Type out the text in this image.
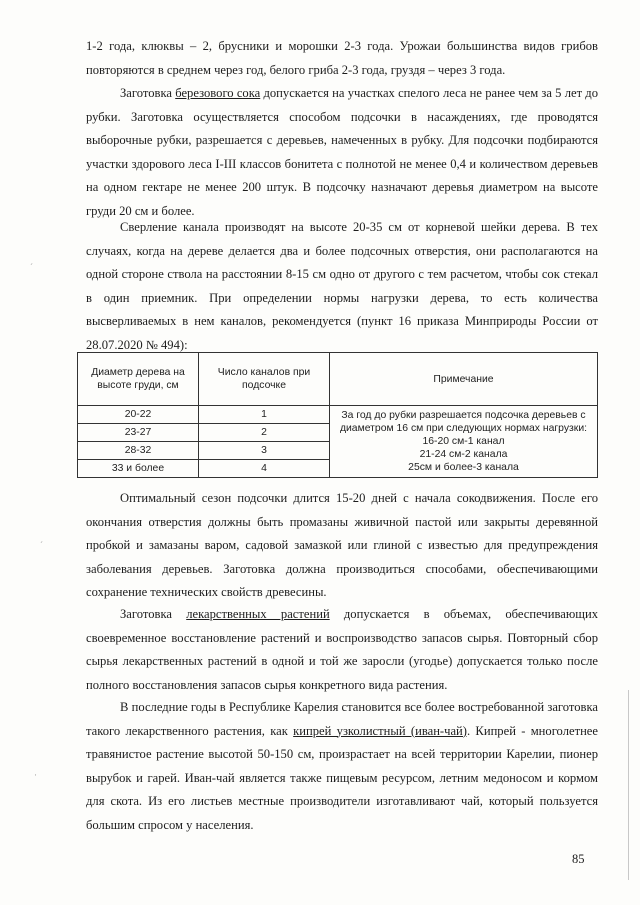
1-2 года, клюквы – 2, брусники и морошки 2-3 года. Урожаи большинства видов грибов повторяются в среднем через год, белого гриба 2-3 года, груздя – через 3 года.

Заготовка березового сока допускается на участках спелого леса не ранее чем за 5 лет до рубки. Заготовка осуществляется способом подсочки в насаждениях, где проводятся выборочные рубки, разрешается с деревьев, намеченных в рубку. Для подсочки подбираются участки здорового леса I-III классов бонитета с полнотой не менее 0,4 и количеством деревьев на одном гектаре не менее 200 штук. В подсочку назначают деревья диаметром на высоте груди 20 см и более.

Сверление канала производят на высоте 20-35 см от корневой шейки дерева. В тех случаях, когда на дереве делается два и более подсочных отверстия, они располагаются на одной стороне ствола на расстоянии 8-15 см одно от другого с тем расчетом, чтобы сок стекал в один приемник. При определении нормы нагрузки дерева, то есть количества высверливаемых в нем каналов, рекомендуется (пункт 16 приказа Минприроды России от 28.07.2020 № 494):

Диаметр дерева на высоте груди, см	Число каналов при подсочке	Примечание
20-22	1	За год до рубки разрешается подсочка деревьев с диаметром 16 см при следующих нормах нагрузки:
16-20 см-1 канал
21-24 см-2 канала
25см и более-3 канала

23-27	2	
28-32	3	
33 и более	4	

Оптимальный сезон подсочки длится 15-20 дней с начала сокодвижения. После его окончания отверстия должны быть промазаны живичной пастой или закрыты деревянной пробкой и замазаны варом, садовой замазкой или глиной с известью для предупреждения заболевания деревьев. Заготовка должна производиться способами, обеспечивающими сохранение технических свойств древесины.

Заготовка лекарственных растений допускается в объемах, обеспечивающих своевременное восстановление растений и воспроизводство запасов сырья. Повторный сбор сырья лекарственных растений в одной и той же заросли (угодье) допускается только после полного восстановления запасов сырья конкретного вида растения.

В последние годы в Республике Карелия становится все более востребованной заготовка такого лекарственного растения, как кипрей узколистный (иван-чай). Кипрей - многолетнее травянистое растение высотой 50-150 см, произрастает на всей территории Карелии, пионер вырубок и гарей. Иван-чай является также пищевым ресурсом, летним медоносом и кормом для скота. Из его листьев местные производители изготавливают чай, который пользуется большим спросом у населения.

85
ˊ
ˊ
·
